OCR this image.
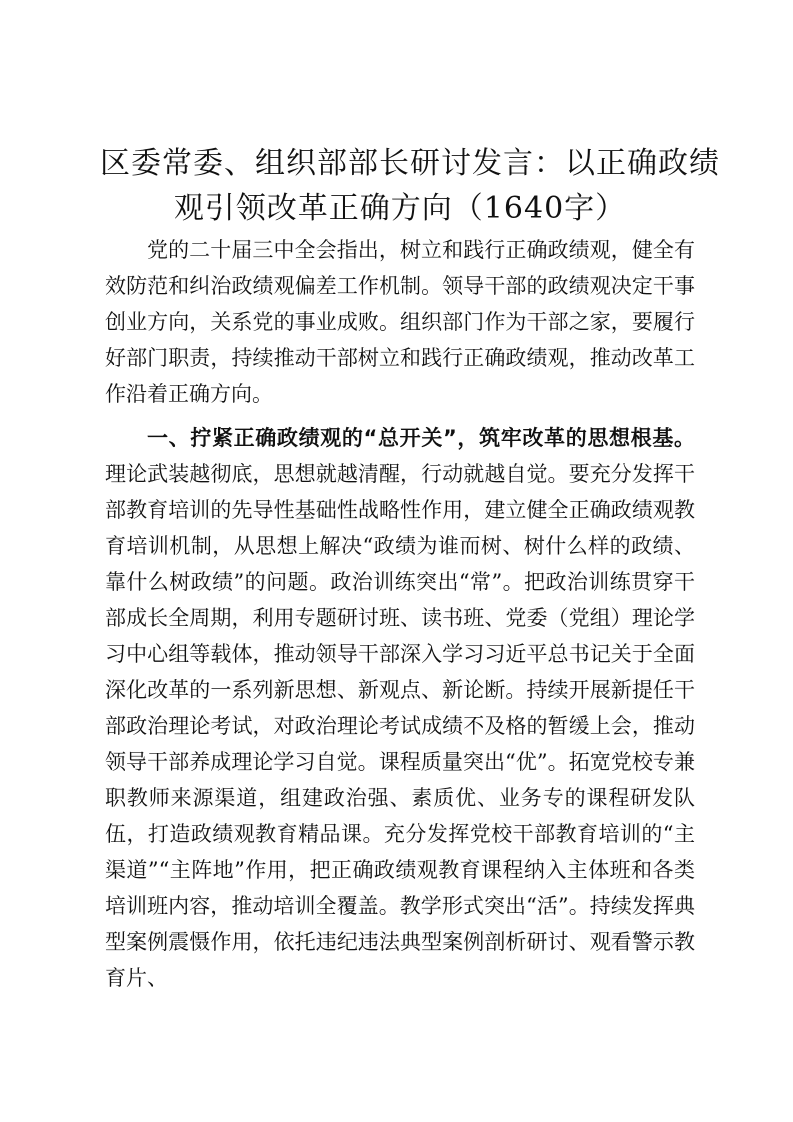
区委常委、组织部部长研讨发言：以正确政绩
观引领改革正确方向（1640字）

党的二十届三中全会指出，树立和践行正确政绩观，健全有效防范和纠治政绩观偏差工作机制。领导干部的政绩观决定干事创业方向，关系党的事业成败。组织部门作为干部之家，要履行好部门职责，持续推动干部树立和践行正确政绩观，推动改革工作沿着正确方向。

一、拧紧正确政绩观的“总开关”，筑牢改革的思想根基。理论武装越彻底，思想就越清醒，行动就越自觉。要充分发挥干部教育培训的先导性基础性战略性作用，建立健全正确政绩观教育培训机制，从思想上解决“政绩为谁而树、树什么样的政绩、靠什么树政绩”的问题。政治训练突出“常”。把政治训练贯穿干部成长全周期，利用专题研讨班、读书班、党委（党组）理论学习中心组等载体，推动领导干部深入学习习近平总书记关于全面深化改革的一系列新思想、新观点、新论断。持续开展新提任干部政治理论考试，对政治理论考试成绩不及格的暂缓上会，推动领导干部养成理论学习自觉。课程质量突出“优”。拓宽党校专兼职教师来源渠道，组建政治强、素质优、业务专的课程研发队伍，打造政绩观教育精品课。充分发挥党校干部教育培训的“主渠道”“主阵地”作用，把正确政绩观教育课程纳入主体班和各类培训班内容，推动培训全覆盖。教学形式突出“活”。持续发挥典型案例震慑作用，依托违纪违法典型案例剖析研讨、观看警示教育片、
